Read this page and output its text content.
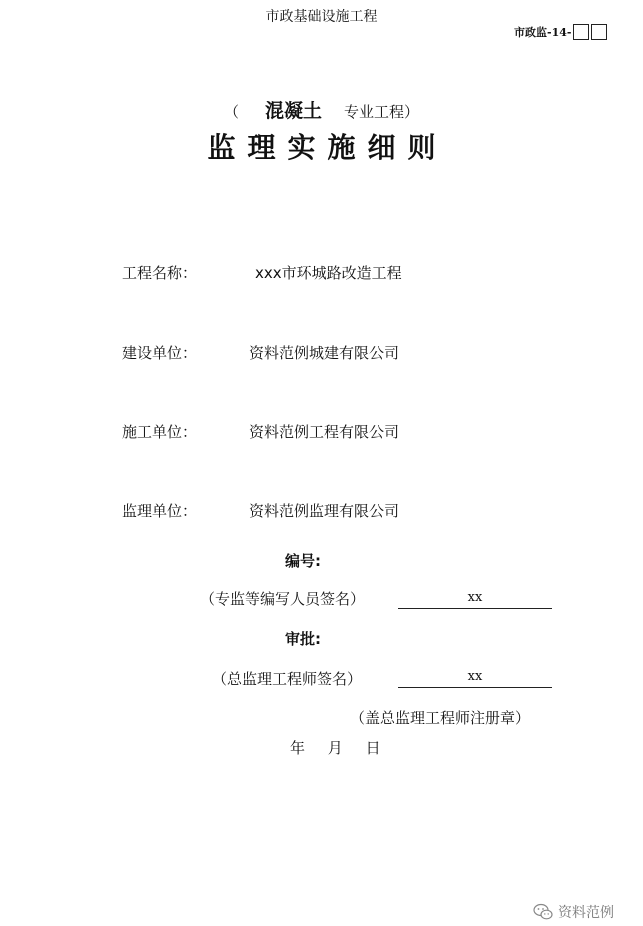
市政基础设施工程
市政监-14-
（ 混凝土 专业工程）
监理实施细则
工程名称：	xxx市环城路改造工程
建设单位：	资料范例城建有限公司
施工单位：	资料范例工程有限公司
监理单位：	资料范例监理有限公司
编号:
（专监等编写人员签名）	xx
审批:
（总监理工程师签名）	xx
（盖总监理工程师注册章）
年 月 日
资料范例
